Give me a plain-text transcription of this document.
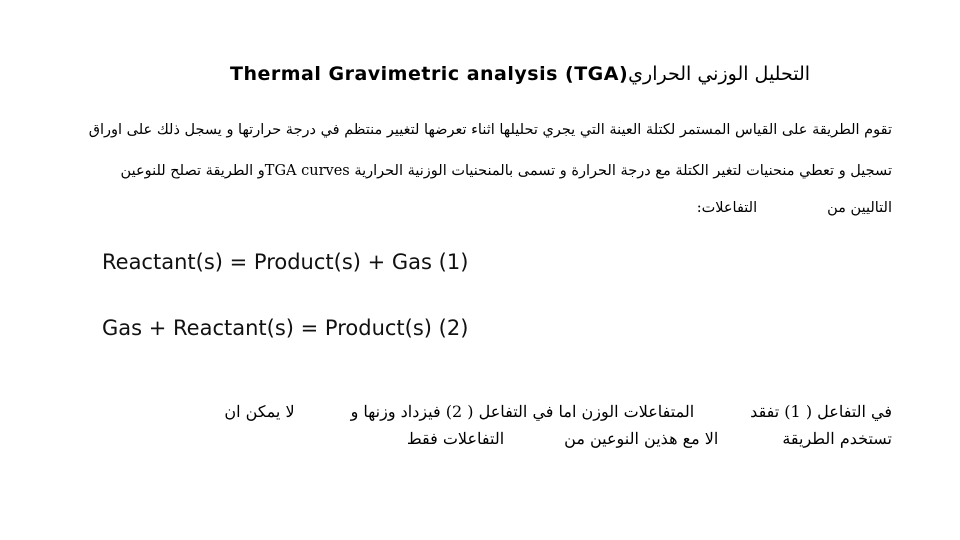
Thermal Gravimetric analysis (TGA) التحليل الوزني الحراري
تقوم الطريقة على القياس المستمر لكتلة العينة التي يجري تحليلها اثناء تعرضها لتغيير منتظم في درجة حرارتها و يسجل ذلك على اوراق
تسجيل و تعطي منحنيات لتغير الكتلة مع درجة الحرارة و تسمى بالمنحنيات الوزنية الحرارية TGA curvesو الطريقة تصلح للنوعين
التاليين منالتفاعلات:
Reactant(s) = Product(s) + Gas (1)
Gas + Reactant(s) = Product(s) (2)
في التفاعل ( 1) تفقدالمتفاعلات الوزن اما في التفاعل ( 2) فيزداد وزنها ولا يمكن ان
تستخدم الطريقةالا مع هذين النوعين منالتفاعلات فقط
